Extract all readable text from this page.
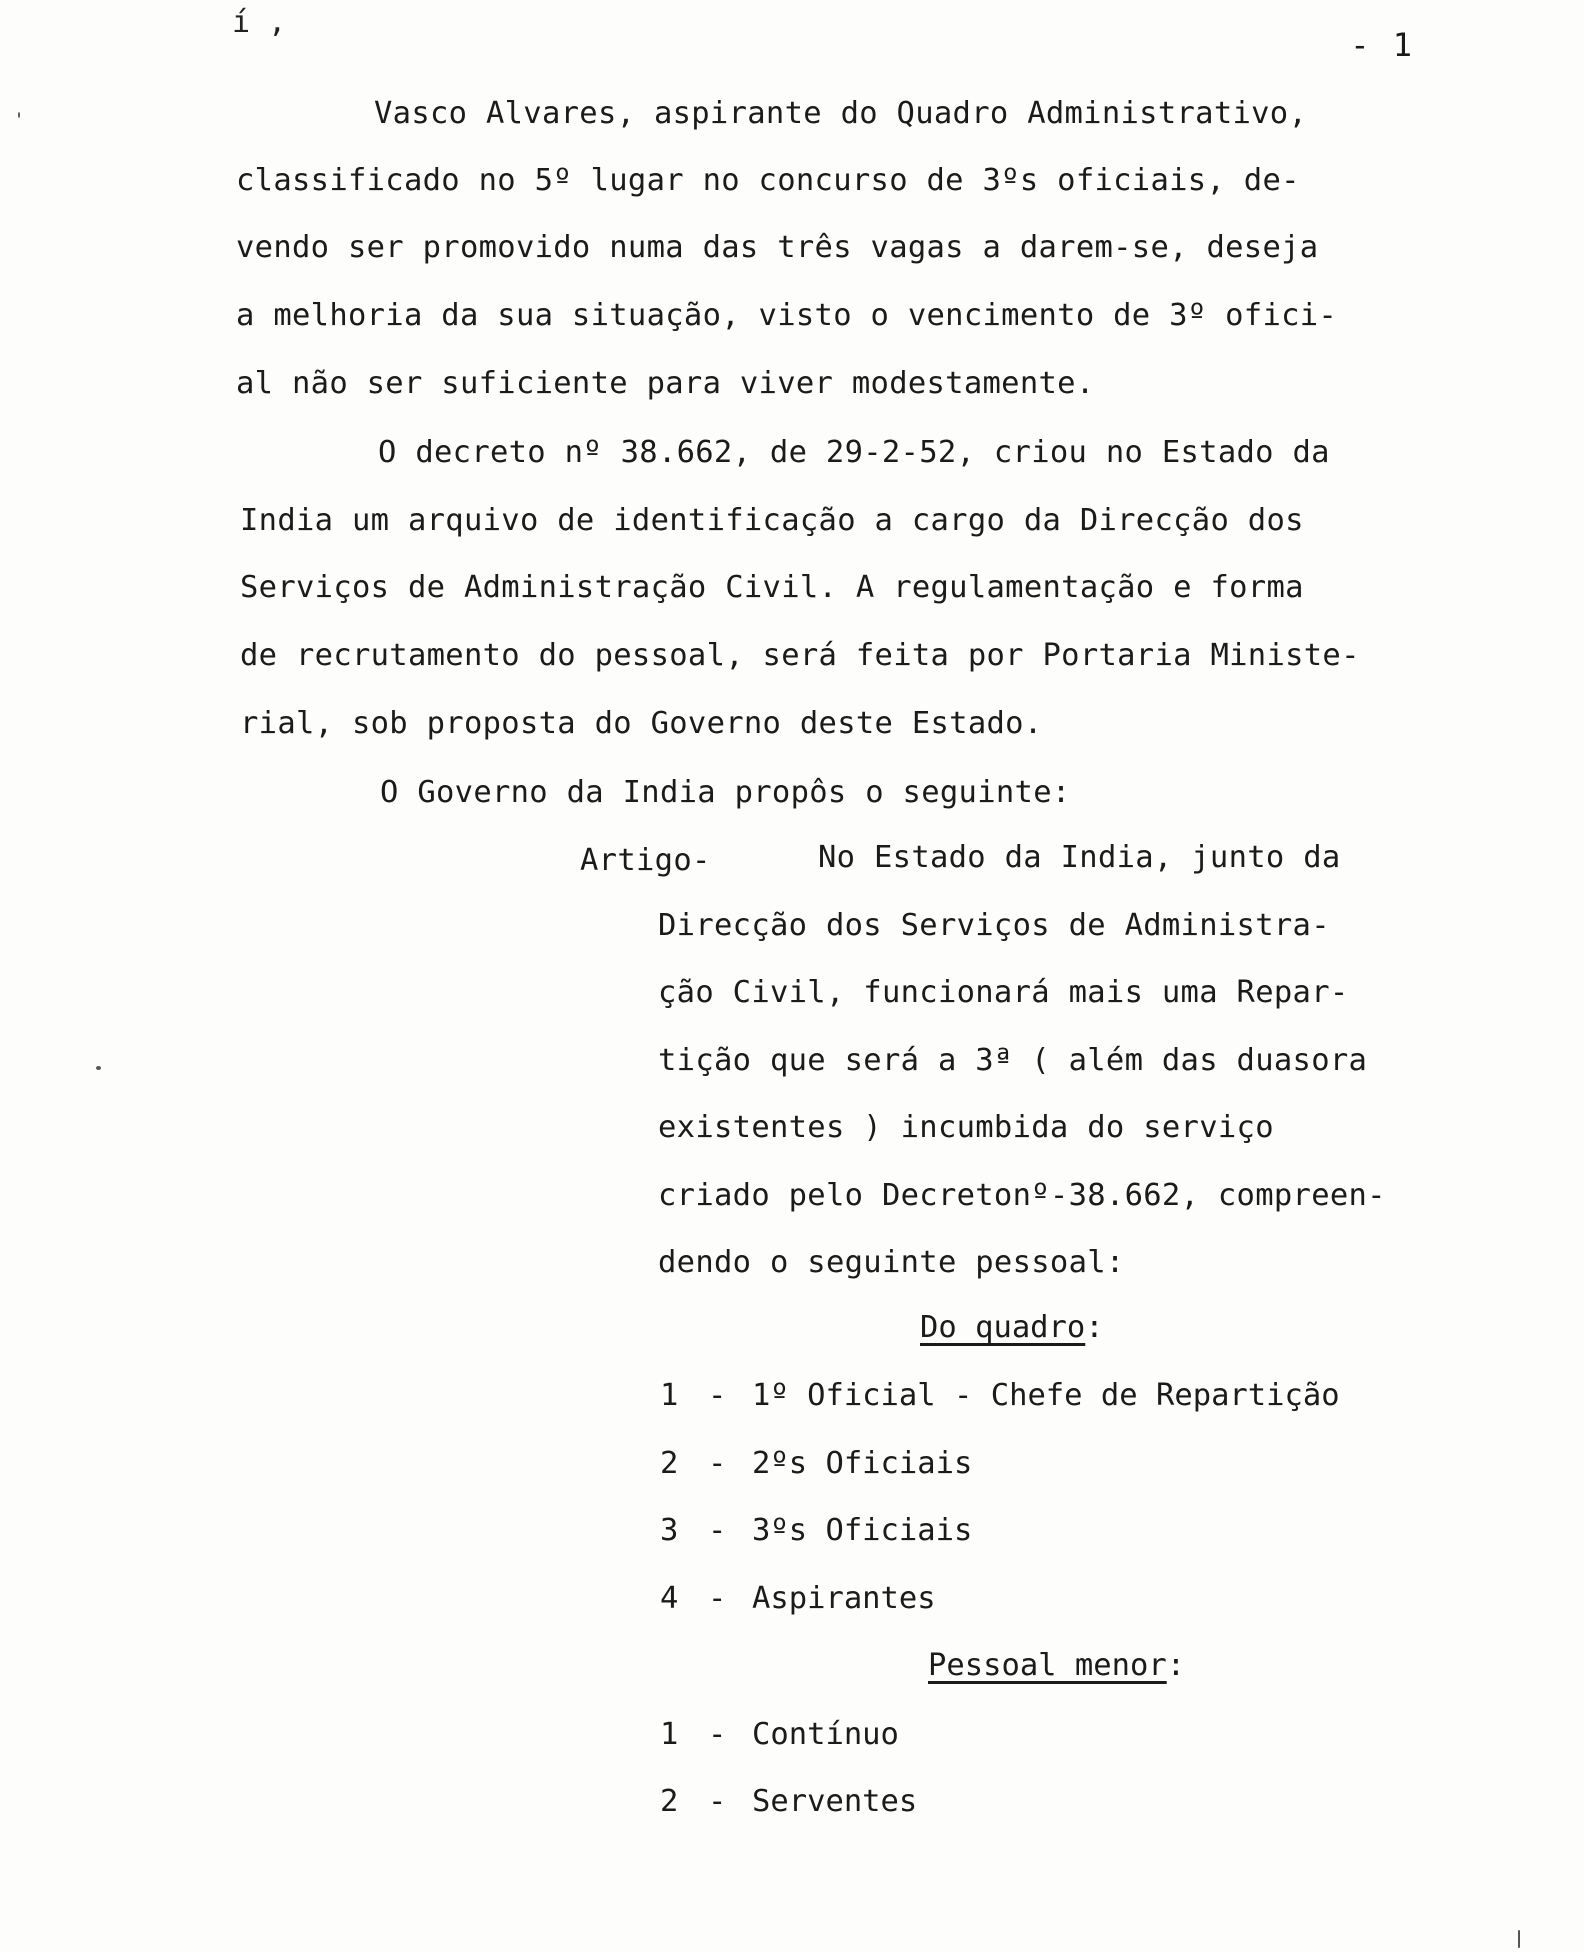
í ,
- 1
Vasco Alvares, aspirante do Quadro Administrativo,
classificado no 5º lugar no concurso de 3ºs oficiais, de-
vendo ser promovido numa das três vagas a darem-se, deseja
a melhoria da sua situação, visto o vencimento de 3º ofici-
al não ser suficiente para viver modestamente.
O decreto nº 38.662, de 29-2-52, criou no Estado da
India um arquivo de identificação a cargo da Direcção dos
Serviços de Administração Civil. A regulamentação e forma
de recrutamento do pessoal, será feita por Portaria Ministe-
rial, sob proposta do Governo deste Estado.
O Governo da India propôs o seguinte:
Artigo-	No Estado da India, junto da
Direcção dos Serviços de Administra-
ção Civil, funcionará mais uma Repar-
tição que será a 3ª ( além das duasora
existentes ) incumbida do serviço
criado pelo Decretonº-38.662, compreen-
dendo o seguinte pessoal:
Do quadro:
1 - 1º Oficial - Chefe de Repartição
2 - 2ºs Oficiais
3 - 3ºs Oficiais
4 - Aspirantes
Pessoal menor:
1 - Contínuo
2 - Serventes
